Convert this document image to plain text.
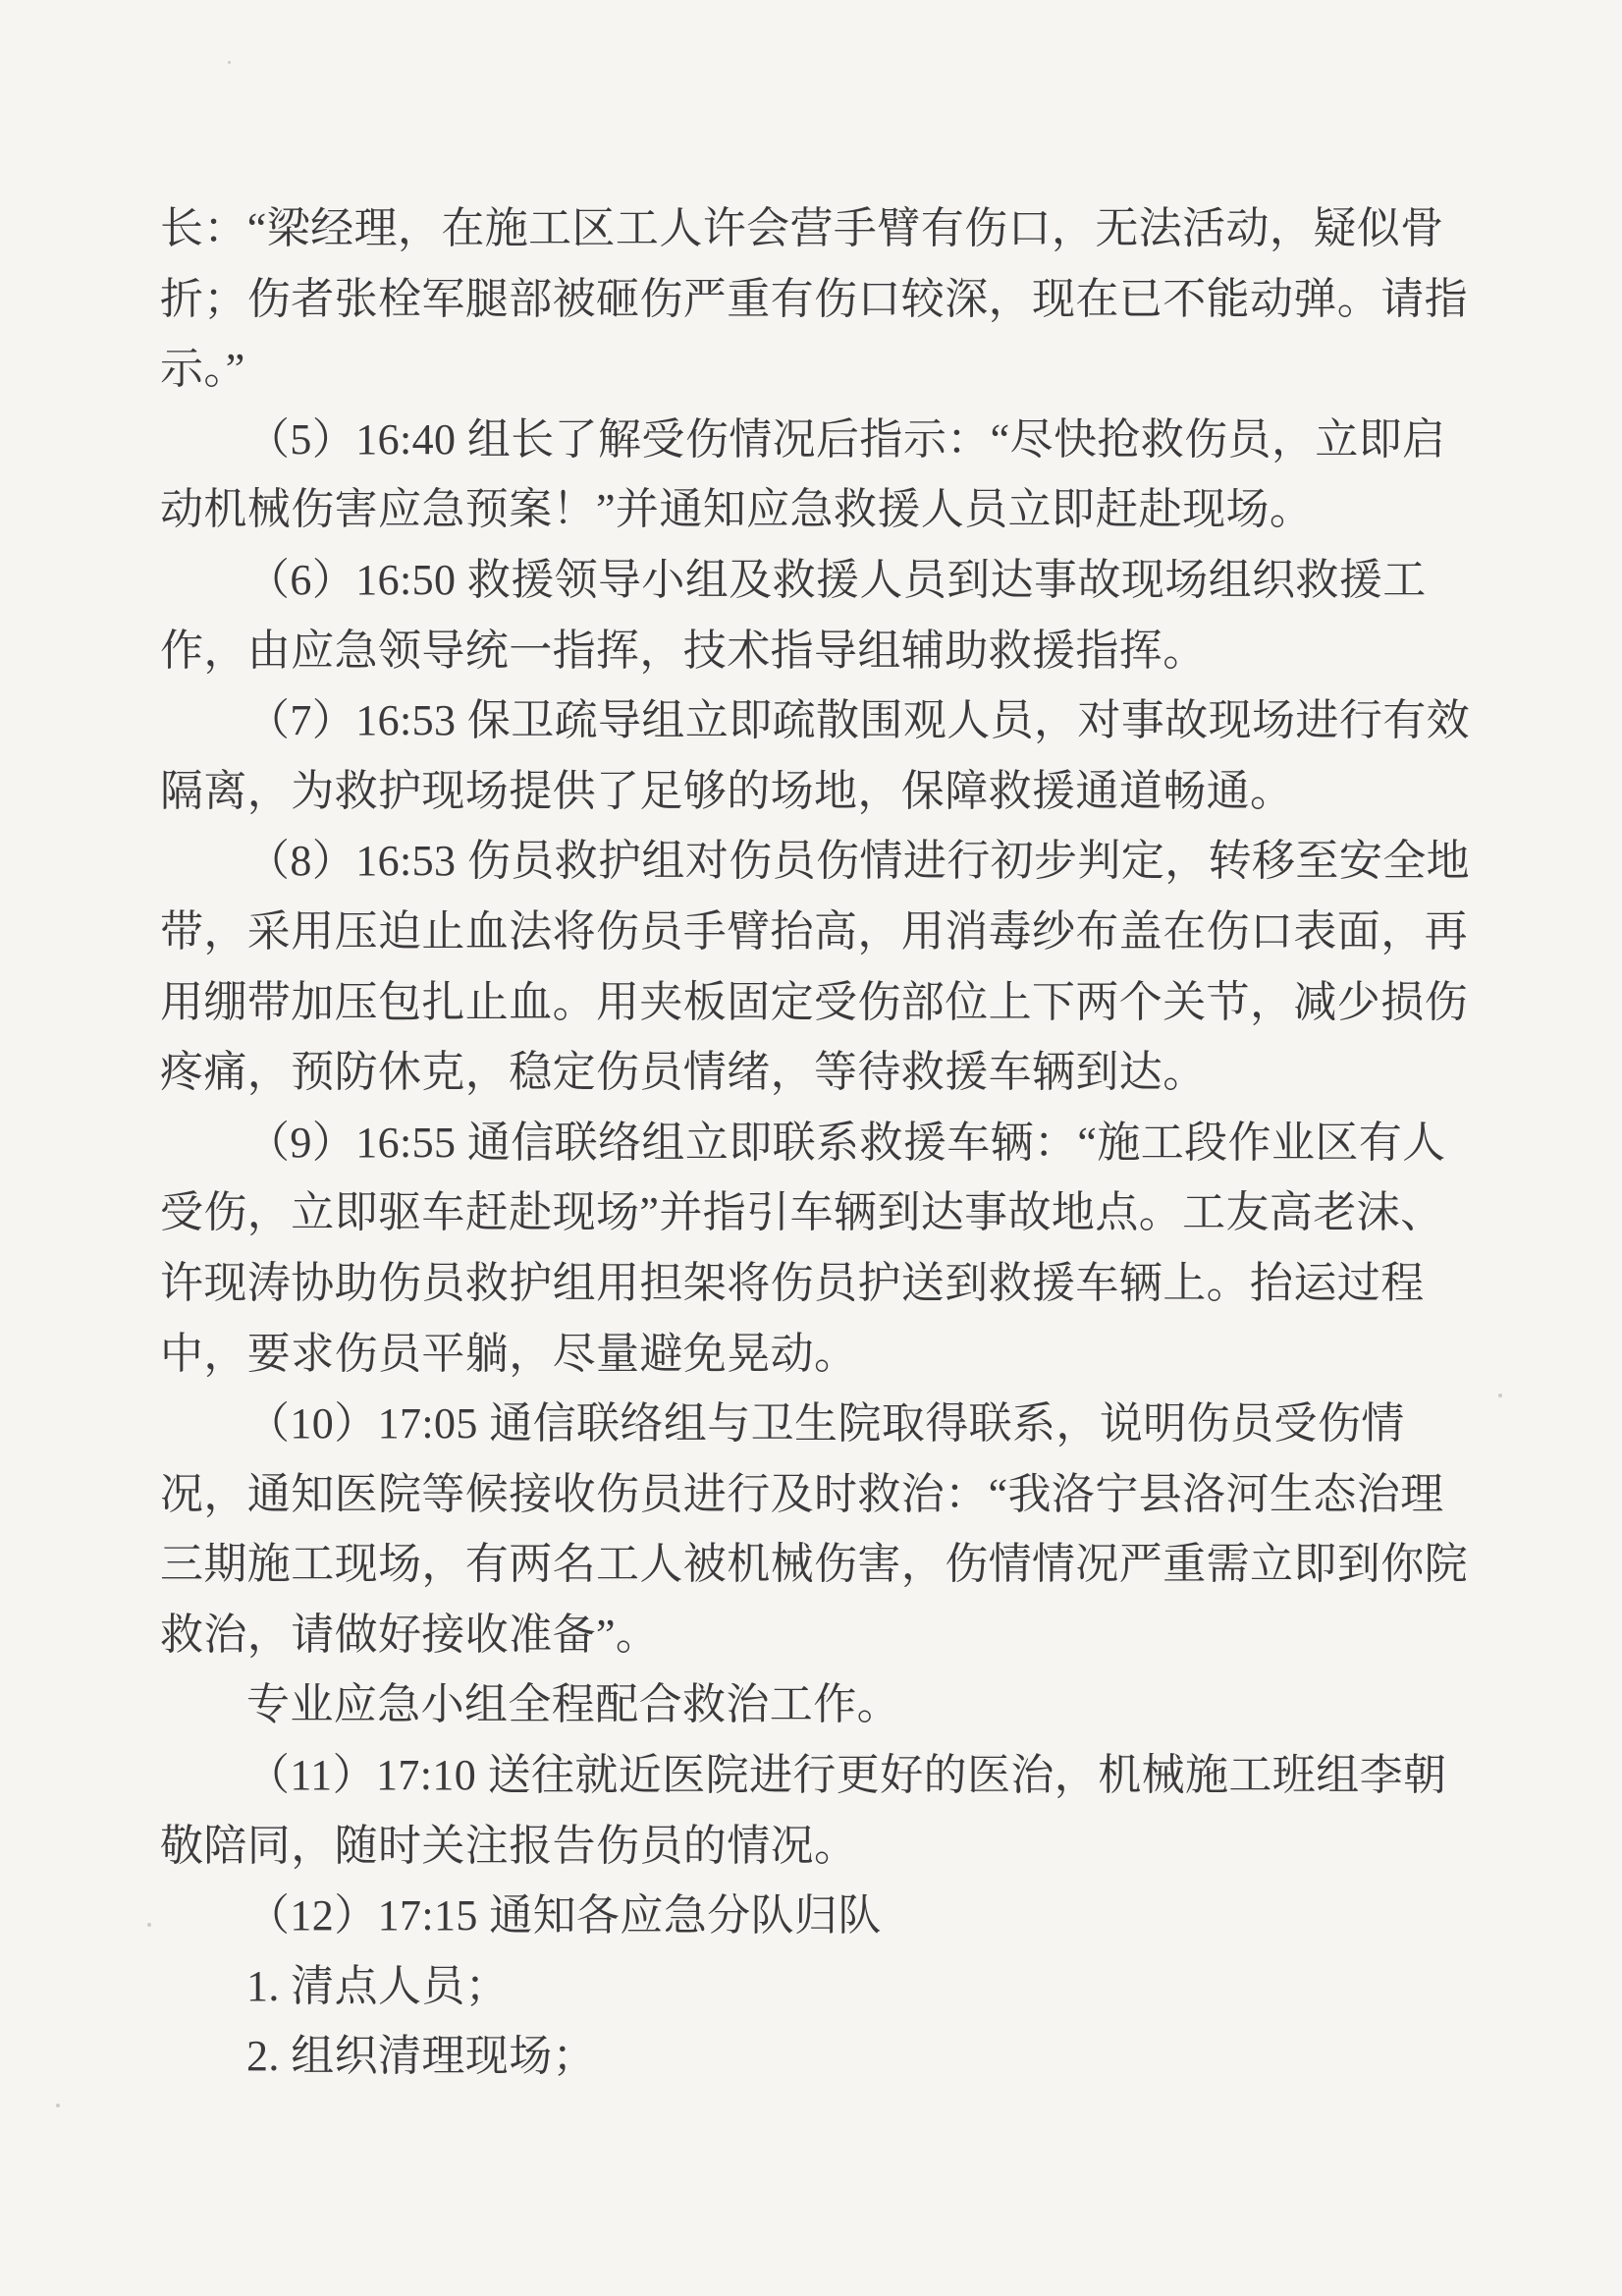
长：“梁经理，在施工区工人许会营手臂有伤口，无法活动，疑似骨
折；伤者张栓军腿部被砸伤严重有伤口较深，现在已不能动弹。请指
示。”
（5）16:40 组长了解受伤情况后指示：“尽快抢救伤员，立即启
动机械伤害应急预案！”并通知应急救援人员立即赶赴现场。
（6）16:50 救援领导小组及救援人员到达事故现场组织救援工
作，由应急领导统一指挥，技术指导组辅助救援指挥。
（7）16:53 保卫疏导组立即疏散围观人员，对事故现场进行有效
隔离，为救护现场提供了足够的场地，保障救援通道畅通。
（8）16:53 伤员救护组对伤员伤情进行初步判定，转移至安全地
带，采用压迫止血法将伤员手臂抬高，用消毒纱布盖在伤口表面，再
用绷带加压包扎止血。用夹板固定受伤部位上下两个关节，减少损伤
疼痛，预防休克，稳定伤员情绪，等待救援车辆到达。
（9）16:55 通信联络组立即联系救援车辆：“施工段作业区有人
受伤，立即驱车赶赴现场”并指引车辆到达事故地点。工友高老沫、
许现涛协助伤员救护组用担架将伤员护送到救援车辆上。抬运过程
中，要求伤员平躺，尽量避免晃动。
（10）17:05 通信联络组与卫生院取得联系，说明伤员受伤情
况，通知医院等候接收伤员进行及时救治：“我洛宁县洛河生态治理
三期施工现场，有两名工人被机械伤害，伤情情况严重需立即到你院
救治，请做好接收准备”。
专业应急小组全程配合救治工作。
（11）17:10 送往就近医院进行更好的医治，机械施工班组李朝
敬陪同，随时关注报告伤员的情况。
（12）17:15 通知各应急分队归队
1. 清点人员；
2. 组织清理现场；
